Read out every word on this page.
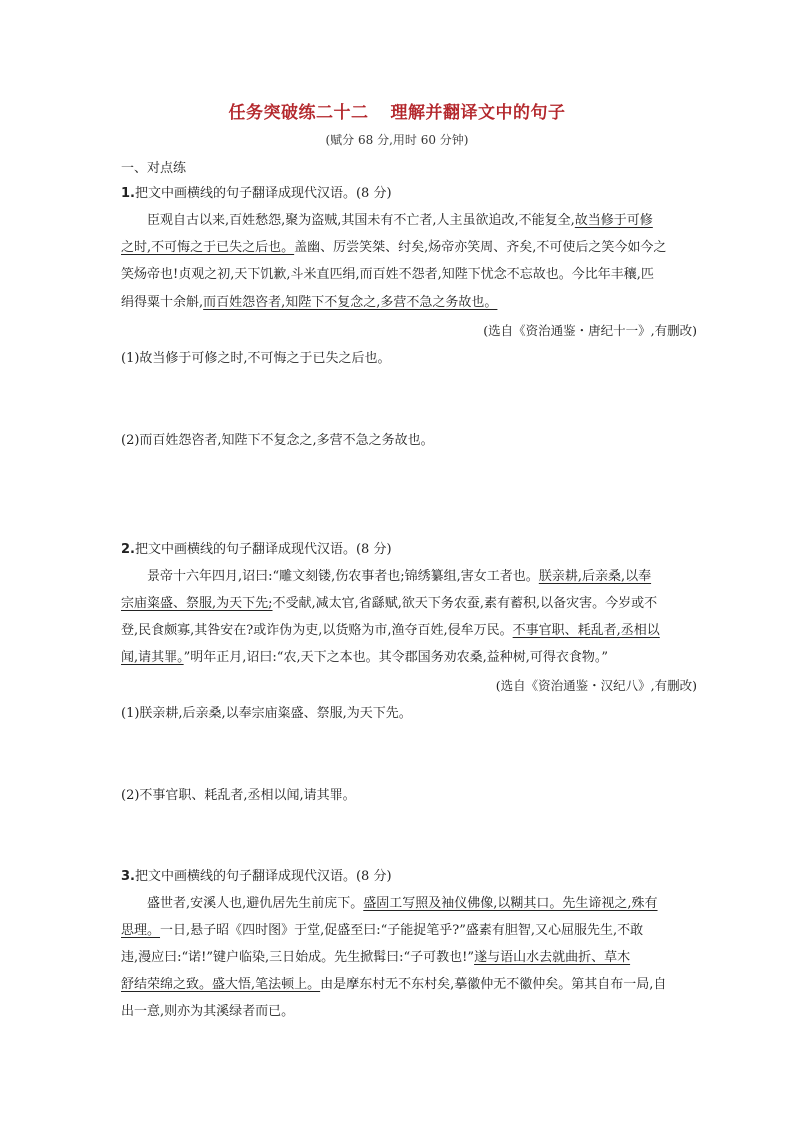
任务突破练二十二 理解并翻译文中的句子
(赋分 68 分,用时 60 分钟)
一、对点练
1.把文中画横线的句子翻译成现代汉语。(8 分)
臣观自古以来,百姓愁怨,聚为盗贼,其国未有不亡者,人主虽欲追改,不能复全,故当修于可修
之时,不可悔之于已失之后也。盖幽、厉尝笑桀、纣矣,炀帝亦笑周、齐矣,不可使后之笑今如今之
笑炀帝也!贞观之初,天下饥歉,斗米直匹绢,而百姓不怨者,知陛下忧念不忘故也。今比年丰穰,匹
绢得粟十余斛,而百姓怨咨者,知陛下不复念之,多营不急之务故也。
(选自《资治通鉴・唐纪十一》,有删改)
(1)故当修于可修之时,不可悔之于已失之后也。
(2)而百姓怨咨者,知陛下不复念之,多营不急之务故也。
2.把文中画横线的句子翻译成现代汉语。(8 分)
景帝十六年四月,诏曰:“雕文刻镂,伤农事者也;锦绣纂组,害女工者也。朕亲耕,后亲桑,以奉
宗庙粢盛、祭服,为天下先;不受献,减太官,省繇赋,欲天下务农蚕,素有蓄积,以备灾害。今岁或不
登,民食颇寡,其咎安在?或诈伪为吏,以货赂为市,渔夺百姓,侵牟万民。不事官职、耗乱者,丞相以
闻,请其罪。”明年正月,诏曰:“农,天下之本也。其令郡国务劝农桑,益种树,可得衣食物。”
(选自《资治通鉴・汉纪八》,有删改)
(1)朕亲耕,后亲桑,以奉宗庙粢盛、祭服,为天下先。
(2)不事官职、耗乱者,丞相以闻,请其罪。
3.把文中画横线的句子翻译成现代汉语。(8 分)
盛世者,安溪人也,避仇居先生前庑下。盛固工写照及袖仪佛像,以糊其口。先生谛视之,殊有
思理。一日,悬子昭《四时图》于堂,促盛至曰:“子能捉笔乎?”盛素有胆智,又心屈服先生,不敢
违,漫应曰:“诺!”键户临染,三日始成。先生掀髯曰:“子可教也!”遂与语山水去就曲折、草木
舒结荣绵之致。盛大悟,笔法顿上。由是摩东村无不东村矣,摹徽仲无不徽仲矣。第其自布一局,自
出一意,则亦为其溪绿者而已。
